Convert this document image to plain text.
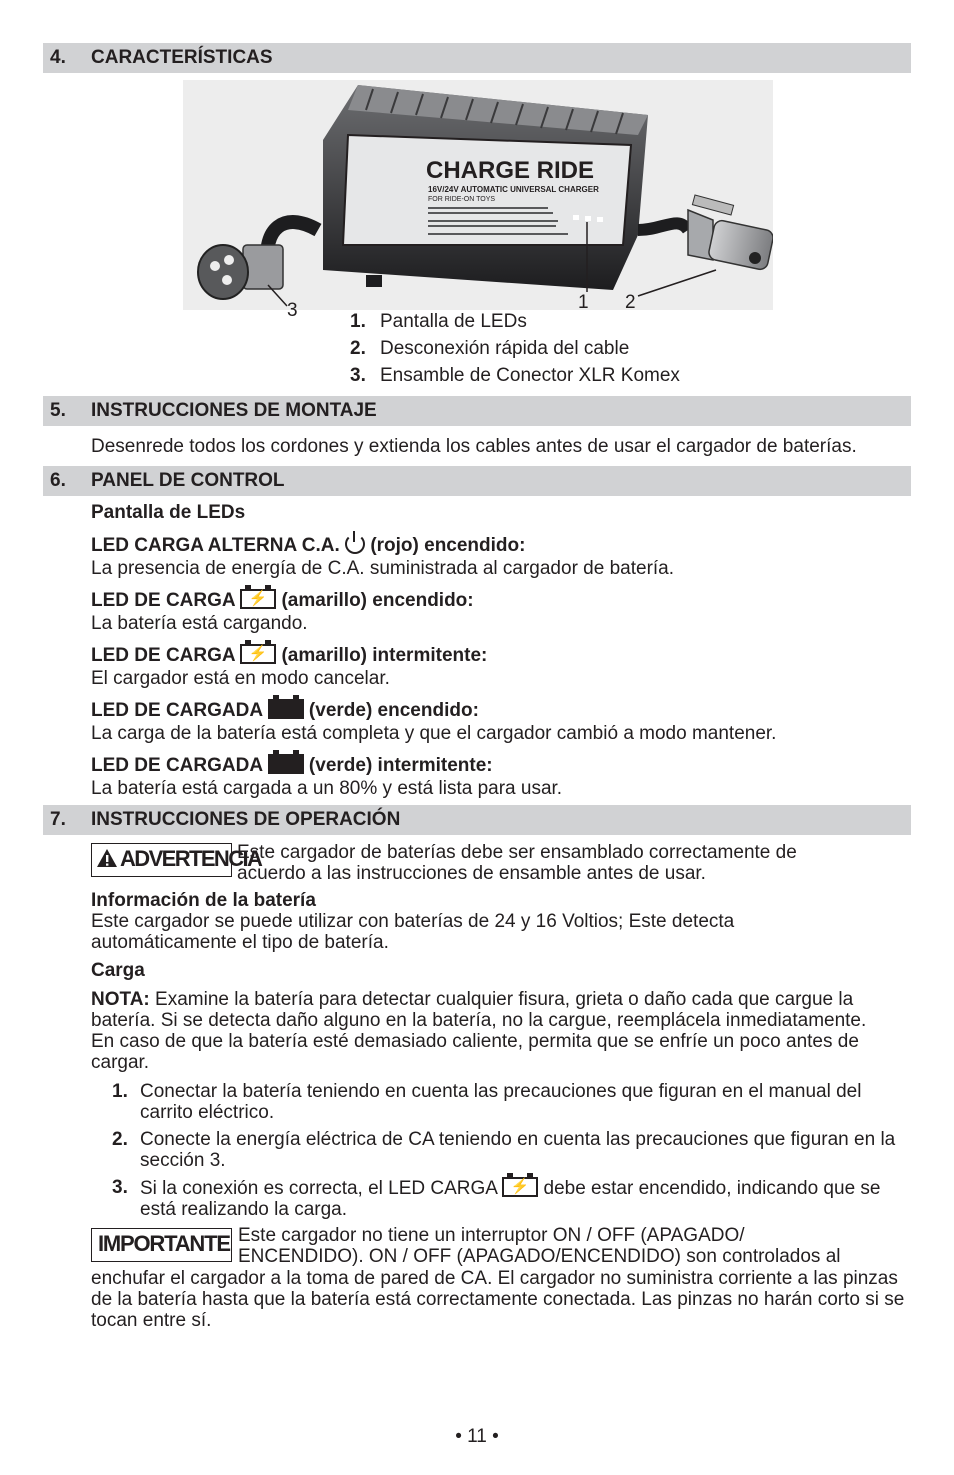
4. CARACTERÍSTICAS
CHARGE RIDE
16V/24V AUTOMATIC UNIVERSAL CHARGER
FOR RIDE-ON TOYS
3	1 2
1. Pantalla de LEDs
2. Desconexión rápida del cable
3. Ensamble de Conector XLR Komex
5. INSTRUCCIONES DE MONTAJE
Desenrede todos los cordones y extienda los cables antes de usar el cargador de baterías.
6. PANEL DE CONTROL
Pantalla de LEDs
LED CARGA ALTERNA C.A. (rojo) encendido:
La presencia de energía de C.A. suministrada al cargador de batería.
LED DE CARGA ⚡ (amarillo) encendido:
La batería está cargando.
LED DE CARGA ⚡ (amarillo) intermitente:
El cargador está en modo cancelar.
LED DE CARGADA (verde) encendido:
La carga de la batería está completa y que el cargador cambió a modo mantener.
LED DE CARGADA (verde) intermitente:
La batería está cargada a un 80% y está lista para usar.
7. INSTRUCCIONES DE OPERACIÓN
ADVERTENCIA
Este cargador de baterías debe ser ensamblado correctamente de
acuerdo a las instrucciones de ensamble antes de usar.
Información de la batería
Este cargador se puede utilizar con baterías de 24 y 16 Voltios; Este detecta automáticamente el tipo de batería.
Carga
NOTA: Examine la batería para detectar cualquier fisura, grieta o daño cada que cargue la batería. Si se detecta daño alguno en la batería, no la cargue, reemplácela inmediatamente. En caso de que la batería esté demasiado caliente, permita que se enfríe un poco antes de cargar.
1. Conectar la batería teniendo en cuenta las precauciones que figuran en el manual del carrito eléctrico.
2. Conecte la energía eléctrica de CA teniendo en cuenta las precauciones que figuran en la sección 3.
3. Si la conexión es correcta, el LED CARGA ⚡ debe estar encendido, indicando que se está realizando la carga.
IMPORTANTE Este cargador no tiene un interruptor ON / OFF (APAGADO/
ENCENDIDO). ON / OFF (APAGADO/ENCENDIDO) son controlados al
enchufar el cargador a la toma de pared de CA. El cargador no suministra corriente a las pinzas de la batería hasta que la batería está correctamente conectada. Las pinzas no harán corto si se tocan entre sí.
• 11 •
